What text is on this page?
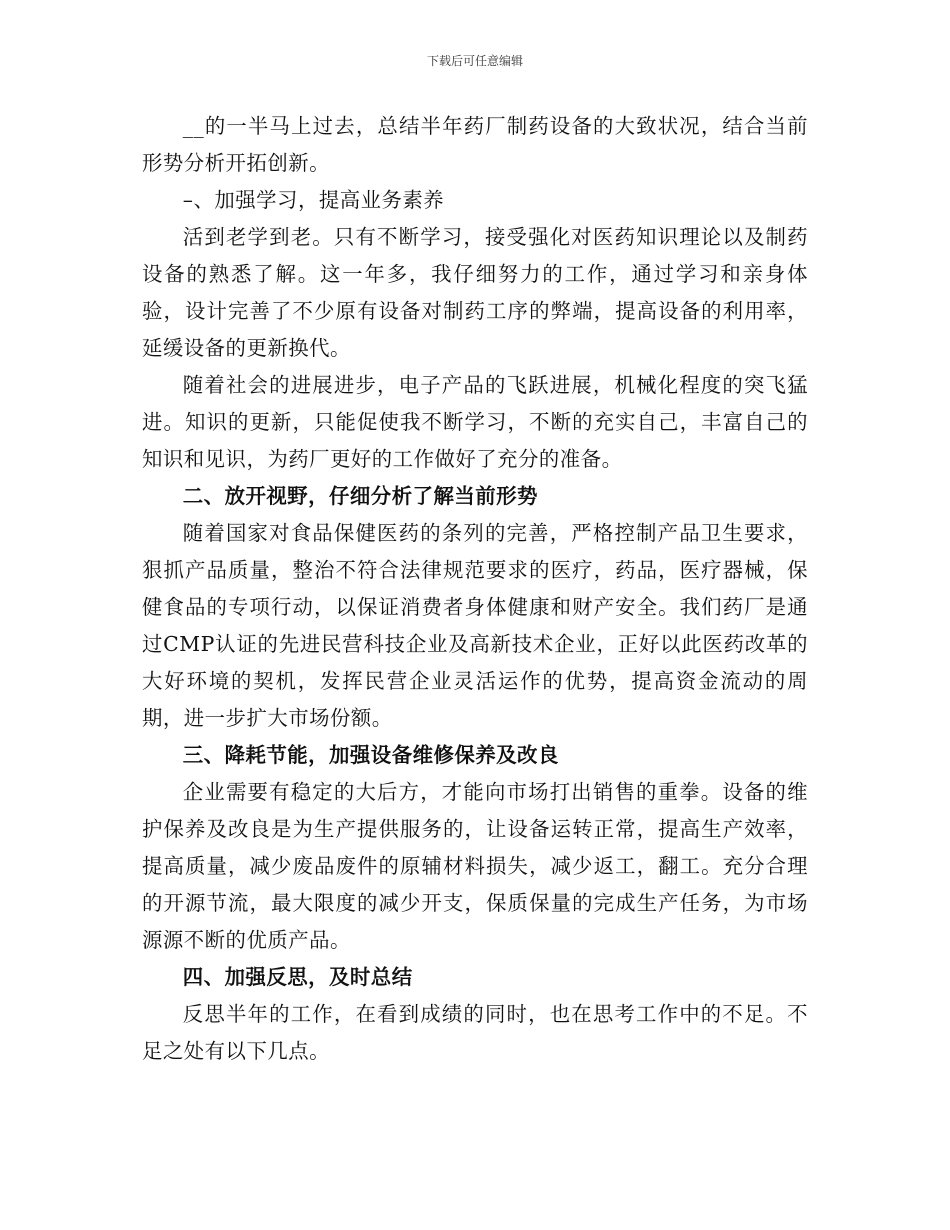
下载后可任意编辑

__的一半马上过去，总结半年药厂制药设备的大致状况，结合当前形势分析开拓创新。

–、加强学习，提高业务素养

活到老学到老。只有不断学习，接受强化对医药知识理论以及制药设备的熟悉了解。这一年多，我仔细努力的工作，通过学习和亲身体验，设计完善了不少原有设备对制药工序的弊端，提高设备的利用率，延缓设备的更新换代。

随着社会的进展进步，电子产品的飞跃进展，机械化程度的突飞猛进。知识的更新，只能促使我不断学习，不断的充实自己，丰富自己的知识和见识，为药厂更好的工作做好了充分的准备。

二、放开视野，仔细分析了解当前形势

随着国家对食品保健医药的条列的完善，严格控制产品卫生要求，狠抓产品质量，整治不符合法律规范要求的医疗，药品，医疗器械，保健食品的专项行动，以保证消费者身体健康和财产安全。我们药厂是通过CMP认证的先进民营科技企业及高新技术企业，正好以此医药改革的大好环境的契机，发挥民营企业灵活运作的优势，提高资金流动的周期，进一步扩大市场份额。

三、降耗节能，加强设备维修保养及改良

企业需要有稳定的大后方，才能向市场打出销售的重拳。设备的维护保养及改良是为生产提供服务的，让设备运转正常，提高生产效率，提高质量，减少废品废件的原辅材料损失，减少返工，翻工。充分合理的开源节流，最大限度的减少开支，保质保量的完成生产任务，为市场源源不断的优质产品。

四、加强反思，及时总结

反思半年的工作，在看到成绩的同时，也在思考工作中的不足。不足之处有以下几点。
